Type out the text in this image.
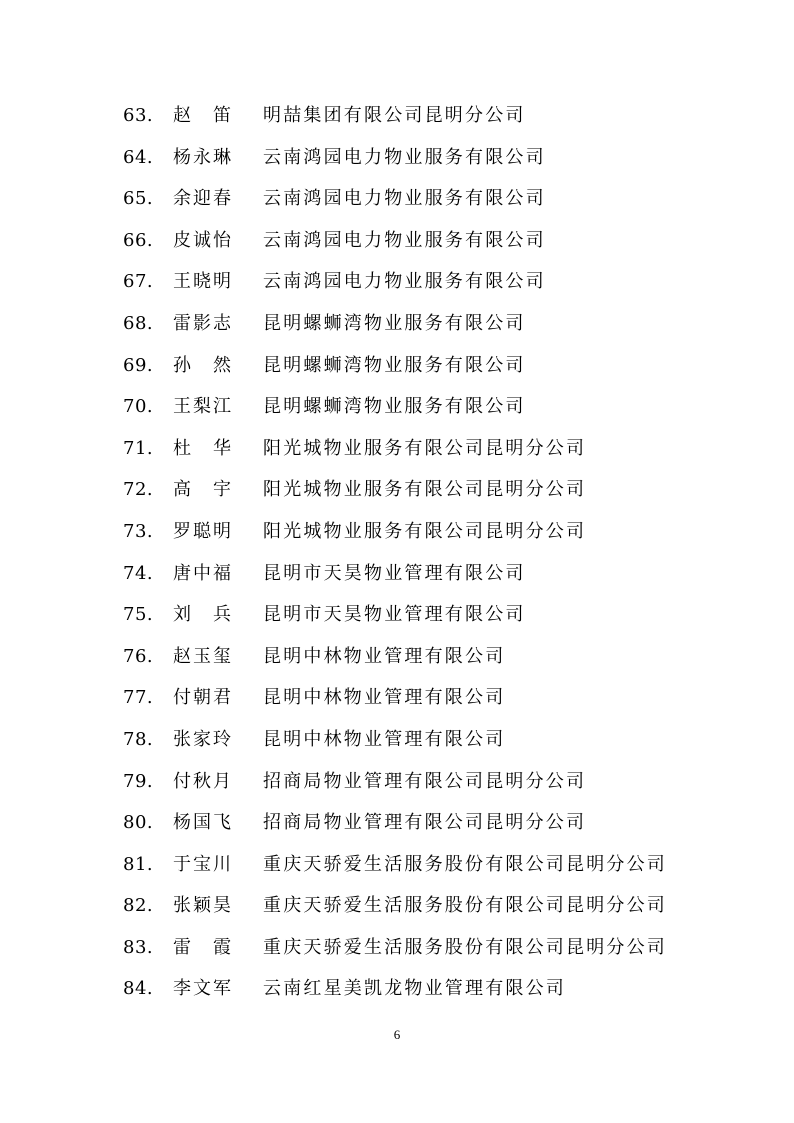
63.	赵　笛 明喆集团有限公司昆明分公司
64.	杨永琳 云南鸿园电力物业服务有限公司
65.	余迎春 云南鸿园电力物业服务有限公司
66.	皮诚怡 云南鸿园电力物业服务有限公司
67.	王晓明 云南鸿园电力物业服务有限公司
68.	雷影志 昆明螺蛳湾物业服务有限公司
69.	孙　然 昆明螺蛳湾物业服务有限公司
70.	王梨江 昆明螺蛳湾物业服务有限公司
71.	杜　华 阳光城物业服务有限公司昆明分公司
72.	高　宇 阳光城物业服务有限公司昆明分公司
73.	罗聪明 阳光城物业服务有限公司昆明分公司
74.	唐中福 昆明市天昊物业管理有限公司
75.	刘　兵 昆明市天昊物业管理有限公司
76.	赵玉玺 昆明中林物业管理有限公司
77.	付朝君 昆明中林物业管理有限公司
78.	张家玲 昆明中林物业管理有限公司
79.	付秋月 招商局物业管理有限公司昆明分公司
80.	杨国飞 招商局物业管理有限公司昆明分公司
81.	于宝川 重庆天骄爱生活服务股份有限公司昆明分公司
82.	张颖昊 重庆天骄爱生活服务股份有限公司昆明分公司
83.	雷　霞 重庆天骄爱生活服务股份有限公司昆明分公司
84.	李文军 云南红星美凯龙物业管理有限公司
6
